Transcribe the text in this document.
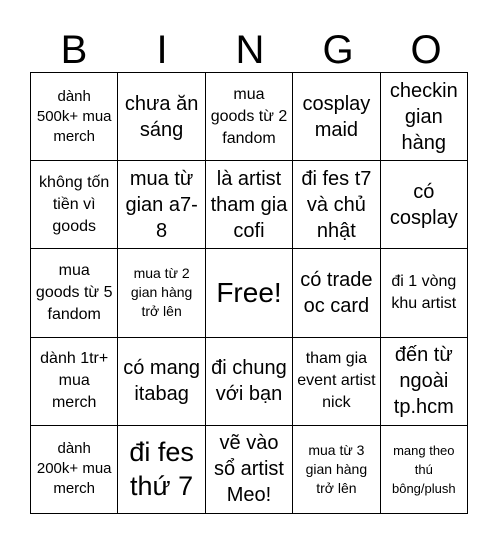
B	I	N	G	O
dành 500k+ mua merch
chưa ăn sáng
mua goods từ 2 fandom
cosplay maid
checkin gian hàng
không tốn tiền vì goods
mua từ gian a7-8
là artist tham gia cofi
đi fes t7 và chủ nhật
có cosplay
mua goods từ 5 fandom
mua từ 2 gian hàng trở lên
Free! có trade oc card
đi 1 vòng khu artist
dành 1tr+ mua merch
có mang itabag
đi chung với bạn
tham gia event artist nick
đến từ ngoài tp.hcm
dành 200k+ mua merch
đi fes thứ 7
vẽ vào sổ artist Meo!
mua từ 3 gian hàng trở lên
mang theo thú bông/plush
